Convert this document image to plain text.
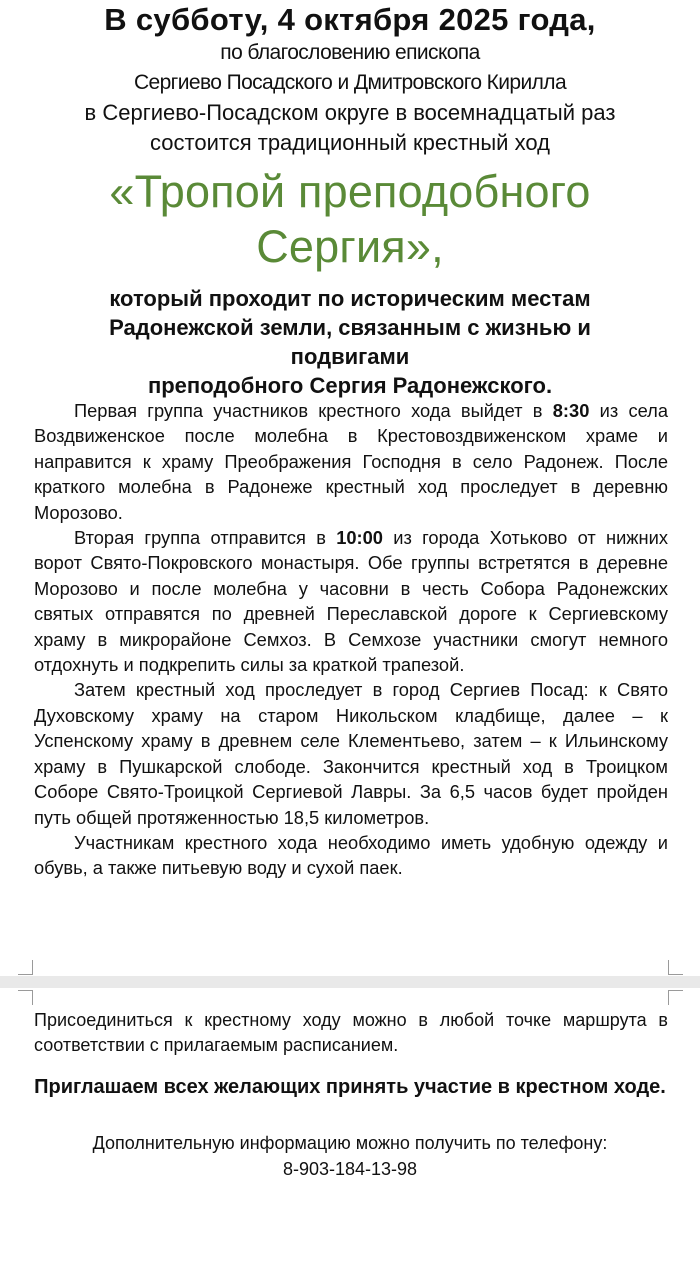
В субботу, 4 октября 2025 года,
по благословению епископа
Сергиево Посадского и Дмитровского Кирилла
в Сергиево-Посадском округе в восемнадцатый раз
состоится традиционный крестный ход
«Тропой преподобного
Сергия»,
который проходит по историческим местам
Радонежской земли, связанным с жизнью и
подвигами
преподобного Сергия Радонежского.

Первая группа участников крестного хода выйдет в 8:30 из села Воздвиженское после молебна в Крестовоздвиженском храме и направится к храму Преображения Господня в село Радонеж. После краткого молебна в Радонеже крестный ход проследует в деревню Морозово.

Вторая группа отправится в 10:00 из города Хотьково от нижних ворот Свято-Покровского монастыря. Обе группы встретятся в деревне Морозово и после молебна у часовни в честь Собора Радонежских святых отправятся по древней Переславской дороге к Сергиевскому храму в микрорайоне Семхоз. В Семхозе участники смогут немного отдохнуть и подкрепить силы за краткой трапезой.

Затем крестный ход проследует в город Сергиев Посад: к Свято Духовскому храму на старом Никольском кладбище, далее – к Успенскому храму в древнем селе Клементьево, затем – к Ильинскому храму в Пушкарской слободе. Закончится крестный ход в Троицком Соборе Свято-Троицкой Сергиевой Лавры. За 6,5 часов будет пройден путь общей протяженностью 18,5 километров.

Участникам крестного хода необходимо иметь удобную одежду и обувь, а также питьевую воду и сухой паек.

Присоединиться к крестному ходу можно в любой точке маршрута в соответствии с прилагаемым расписанием.
Приглашаем всех желающих принять участие в крестном ходе.
Дополнительную информацию можно получить по телефону:
8-903-184-13-98
